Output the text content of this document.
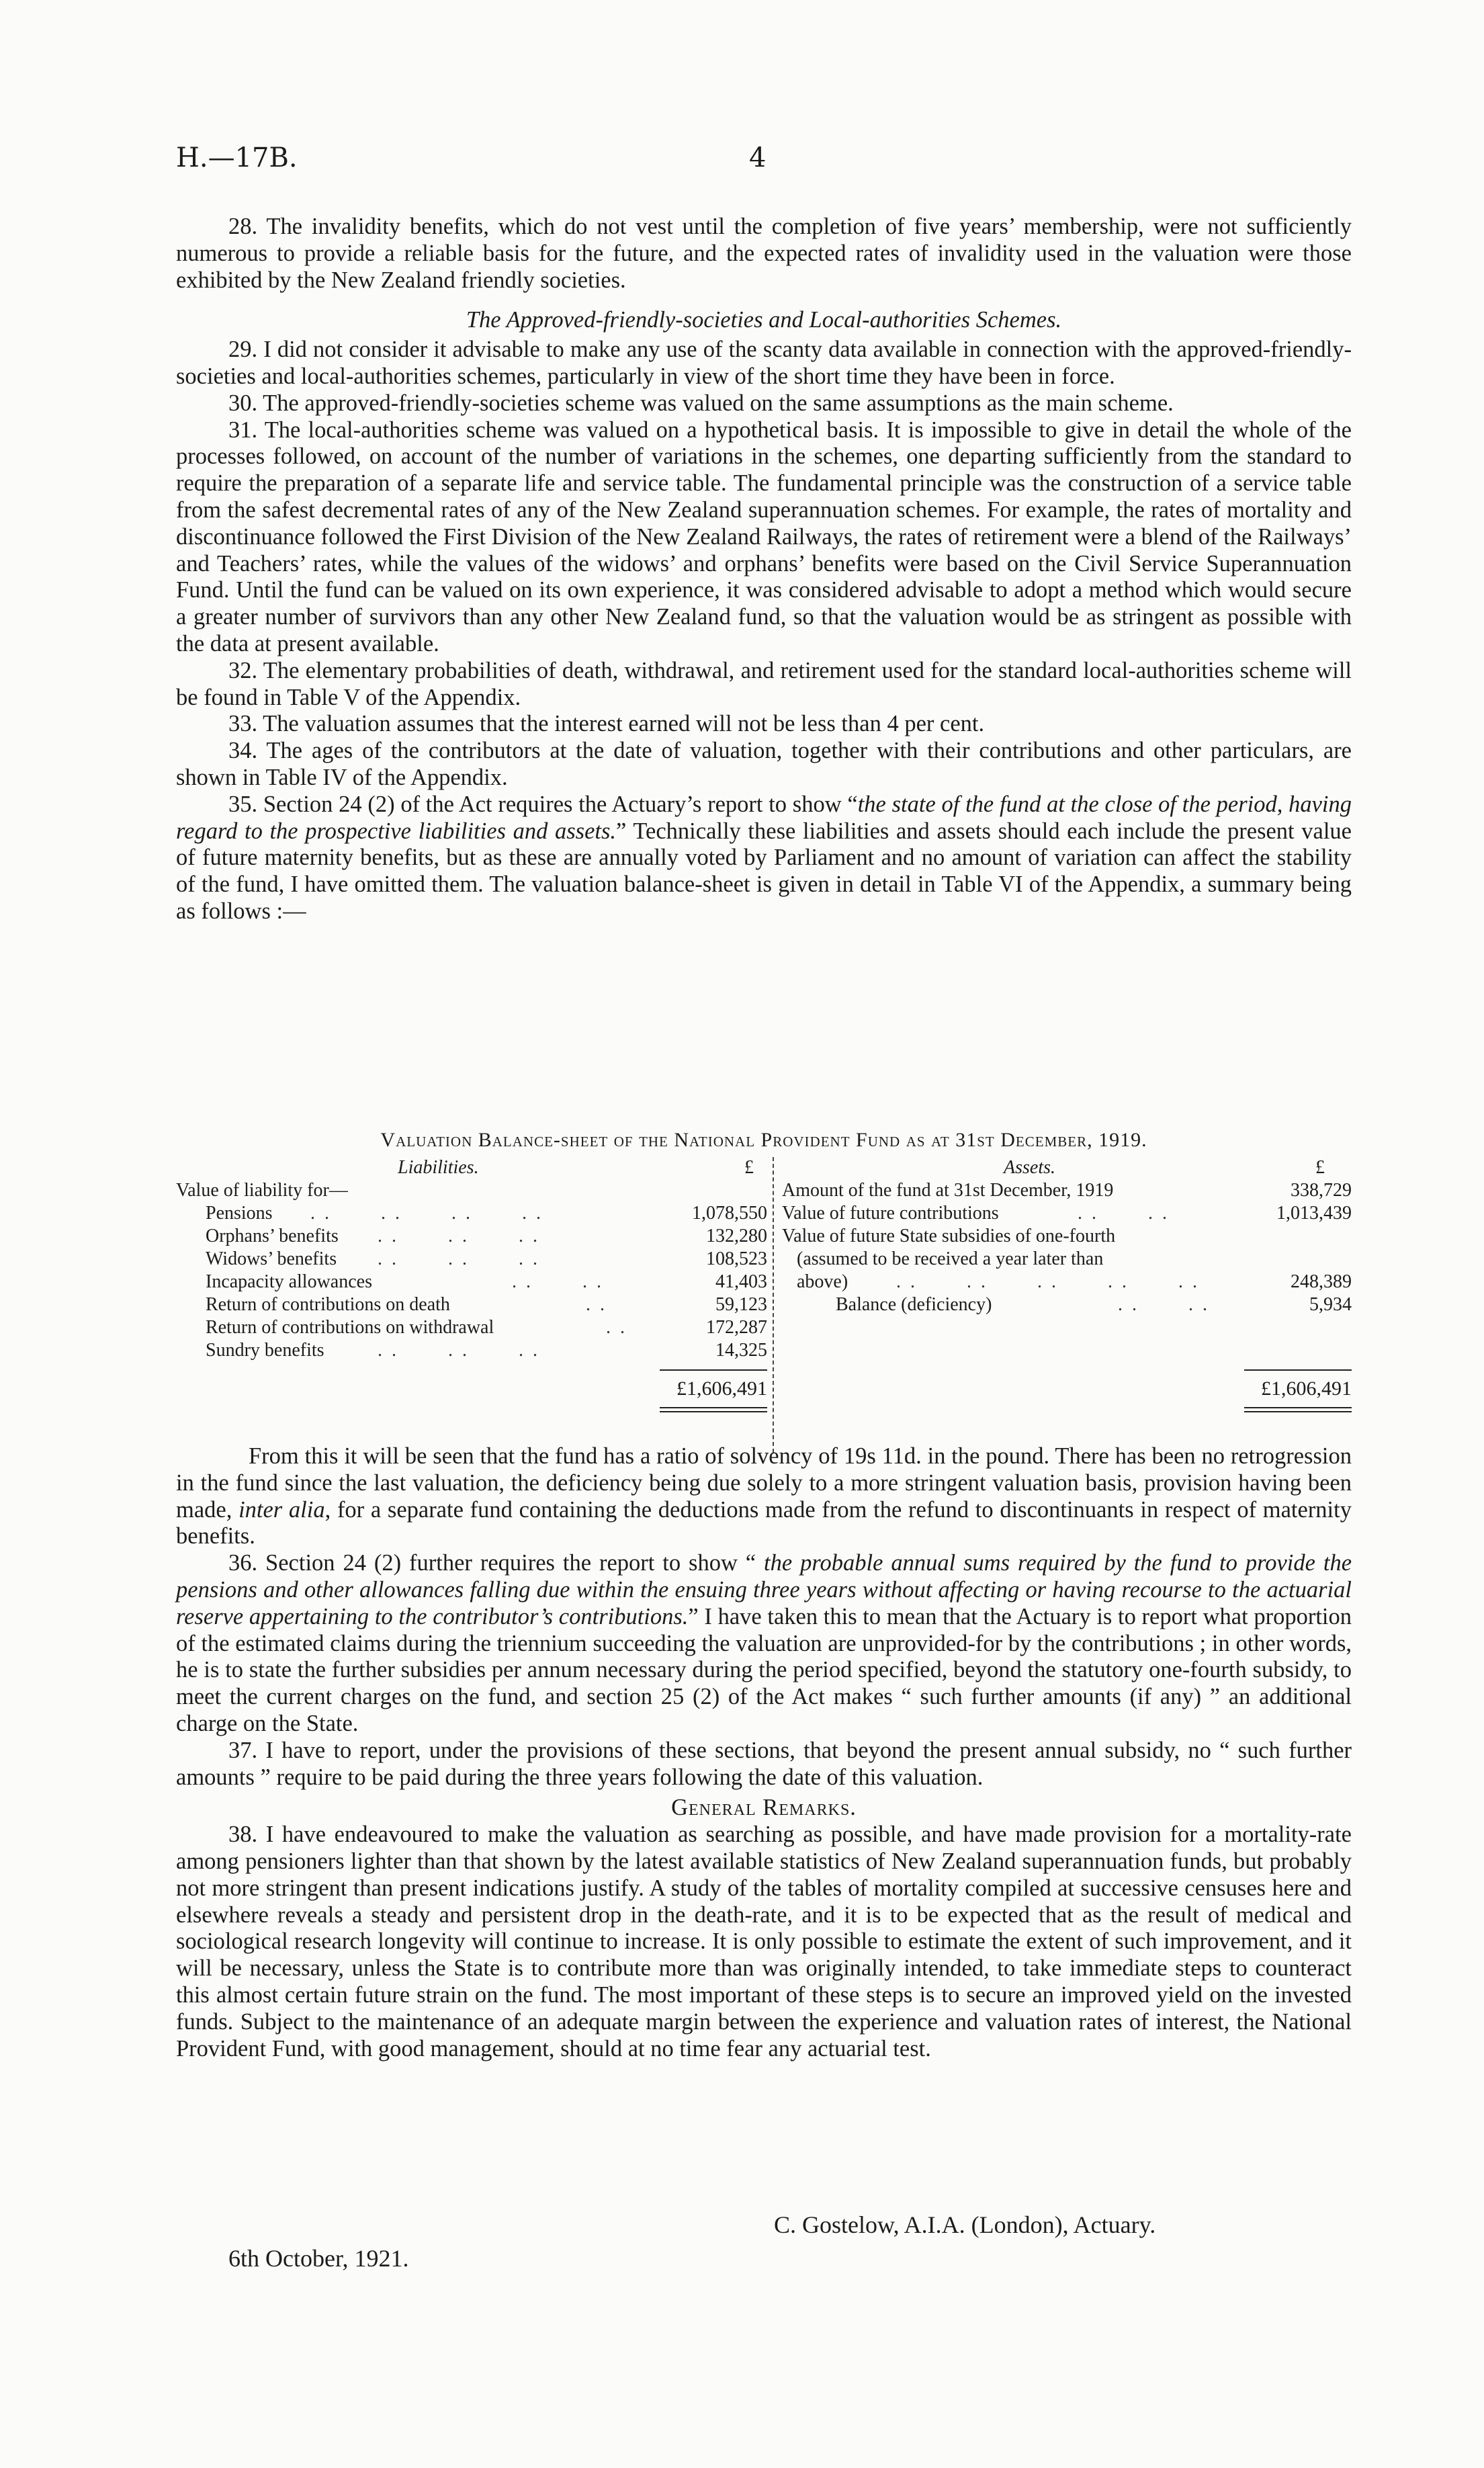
H.—17B.	4

28. The invalidity benefits, which do not vest until the completion of five years’ membership, were not sufficiently numerous to provide a reliable basis for the future, and the expected rates of invalidity used in the valuation were those exhibited by the New Zealand friendly societies.

The Approved-friendly-societies and Local-authorities Schemes.

29. I did not consider it advisable to make any use of the scanty data available in connection with the approved-friendly-societies and local-authorities schemes, particularly in view of the short time they have been in force.

30. The approved-friendly-societies scheme was valued on the same assumptions as the main scheme.

31. The local-authorities scheme was valued on a hypothetical basis. It is impossible to give in detail the whole of the processes followed, on account of the number of variations in the schemes, one departing sufficiently from the standard to require the preparation of a separate life and service table. The fundamental principle was the construction of a service table from the safest decremental rates of any of the New Zealand superannuation schemes. For example, the rates of mortality and discontinuance followed the First Division of the New Zealand Railways, the rates of retirement were a blend of the Railways’ and Teachers’ rates, while the values of the widows’ and orphans’ benefits were based on the Civil Service Superannuation Fund. Until the fund can be valued on its own experience, it was considered advisable to adopt a method which would secure a greater number of survivors than any other New Zealand fund, so that the valuation would be as stringent as possible with the data at present available.

32. The elementary probabilities of death, withdrawal, and retirement used for the standard local-authorities scheme will be found in Table V of the Appendix.

33. The valuation assumes that the interest earned will not be less than 4 per cent.

34. The ages of the contributors at the date of valuation, together with their contributions and other particulars, are shown in Table IV of the Appendix.

35. Section 24 (2) of the Act requires the Actuary’s report to show “the state of the fund at the close of the period, having regard to the prospective liabilities and assets.” Technically these liabilities and assets should each include the present value of future maternity benefits, but as these are annually voted by Parliament and no amount of variation can affect the stability of the fund, I have omitted them. The valuation balance-sheet is given in detail in Table VI of the Appendix, a summary being as follows :—

Valuation Balance-sheet of the National Provident Fund as at 31st December, 1919.
Liabilities.	£
Value of liability for—
Pensions ..   ..   ..   ..	1,078,550
Orphans’ benefits ..   ..   ..	132,280
Widows’ benefits ..   ..   ..	108,523
Incapacity allowances	..   ..	41,403
Return of contributions on death	..	59,123
Return of contributions on withdrawal	..	172,287
Sundry benefits	..   ..   ..	14,325
£1,606,491
Assets.	£
Amount of the fund at 31st December, 1919	338,729
Value of future contributions	..   ..	1,013,439
Value of future State subsidies of one-fourth
(assumed to be received a year later than
above)	..   ..   ..   ..   ..	248,389
Balance (deficiency)	..   ..	5,934
£1,606,491

From this it will be seen that the fund has a ratio of solvency of 19s 11d. in the pound. There has been no retrogression in the fund since the last valuation, the deficiency being due solely to a more stringent valuation basis, provision having been made, inter alia, for a separate fund containing the deductions made from the refund to discontinuants in respect of maternity benefits.

36. Section 24 (2) further requires the report to show “ the probable annual sums required by the fund to provide the pensions and other allowances falling due within the ensuing three years without affecting or having recourse to the actuarial reserve appertaining to the contributor’s contributions.” I have taken this to mean that the Actuary is to report what proportion of the estimated claims during the triennium succeeding the valuation are unprovided-for by the contributions ; in other words, he is to state the further subsidies per annum necessary during the period specified, beyond the statutory one-fourth subsidy, to meet the current charges on the fund, and section 25 (2) of the Act makes “ such further amounts (if any) ” an additional charge on the State.

37. I have to report, under the provisions of these sections, that beyond the present annual subsidy, no “ such further amounts ” require to be paid during the three years following the date of this valuation.

General Remarks.

38. I have endeavoured to make the valuation as searching as possible, and have made provision for a mortality-rate among pensioners lighter than that shown by the latest available statistics of New Zealand superannuation funds, but probably not more stringent than present indications justify. A study of the tables of mortality compiled at successive censuses here and elsewhere reveals a steady and persistent drop in the death-rate, and it is to be expected that as the result of medical and sociological research longevity will continue to increase. It is only possible to estimate the extent of such improvement, and it will be necessary, unless the State is to contribute more than was originally intended, to take immediate steps to counteract this almost certain future strain on the fund. The most important of these steps is to secure an improved yield on the invested funds. Subject to the maintenance of an adequate margin between the experience and valuation rates of interest, the National Provident Fund, with good management, should at no time fear any actuarial test.

C. Gostelow, A.I.A. (London), Actuary.
6th October, 1921.
